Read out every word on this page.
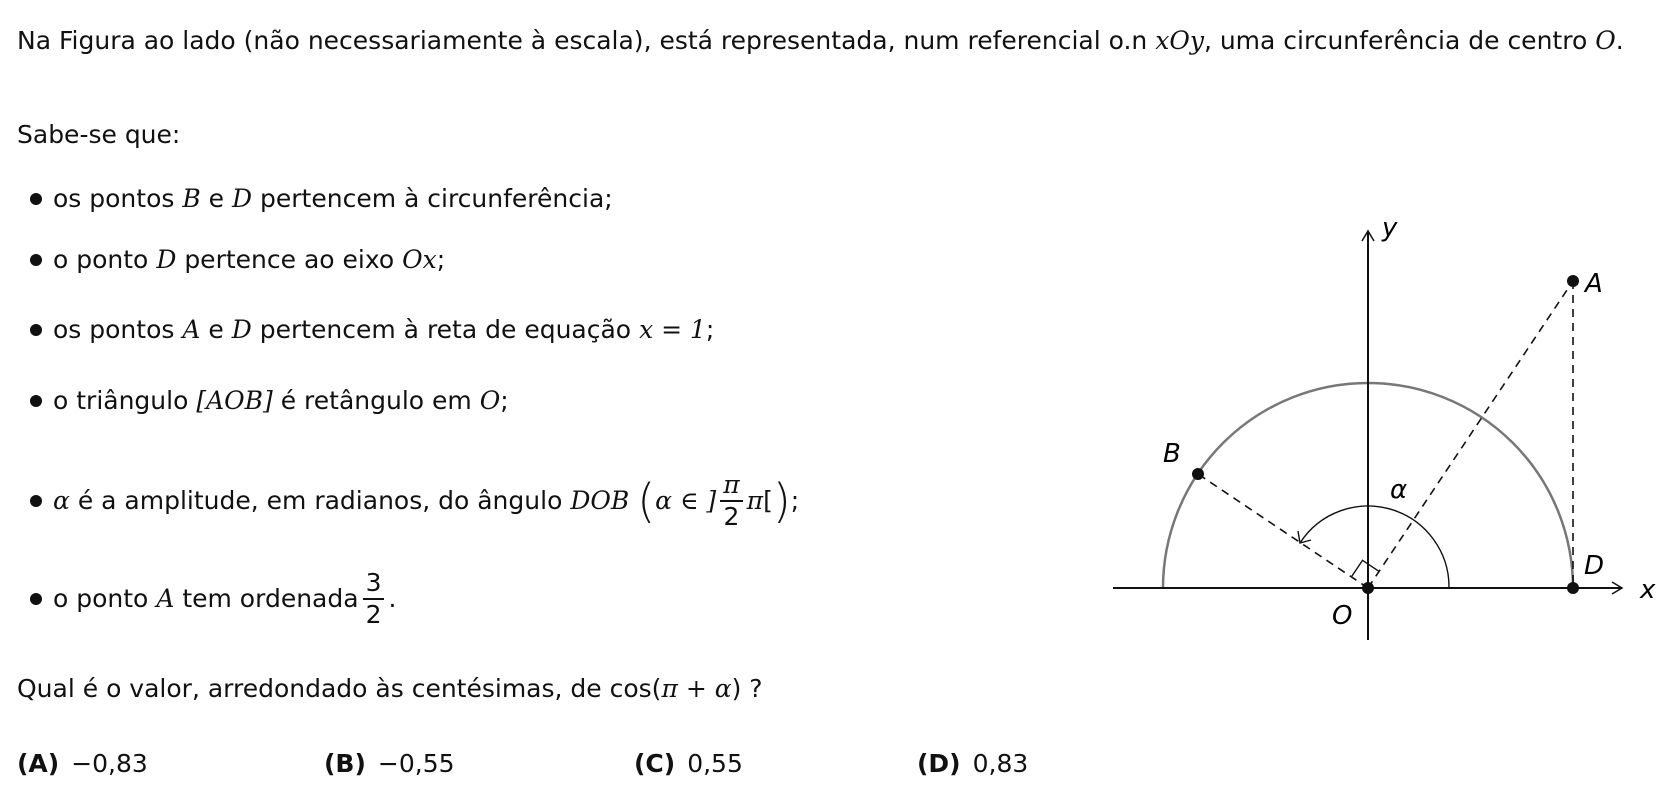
Na Figura ao lado (não necessariamente à escala), está representada, num referencial o.n xOy, uma circunferência de centro O.
Sabe-se que:
os pontos
B e D
pertencem à circunferência;
o ponto
D
pertence ao eixo
Ox ;
os pontos
A e D
pertencem à reta de equação
x = 1 ;
o triângulo
[AOB]
é retângulo em
O ;
α é a amplitude, em radianos, do ângulo DOB
( α ∈ ] $\frac{\pi}{2}$ π [ ) ;
o ponto
A
tem ordenada $\frac{3}{2}$ .
Qual é o valor, arredondado às centésimas, de cos(π + α) ?
(A) −0,83	(B) −0,55	(C) 0,55	(D) 0,83
y
x
A
B
D
O
α
